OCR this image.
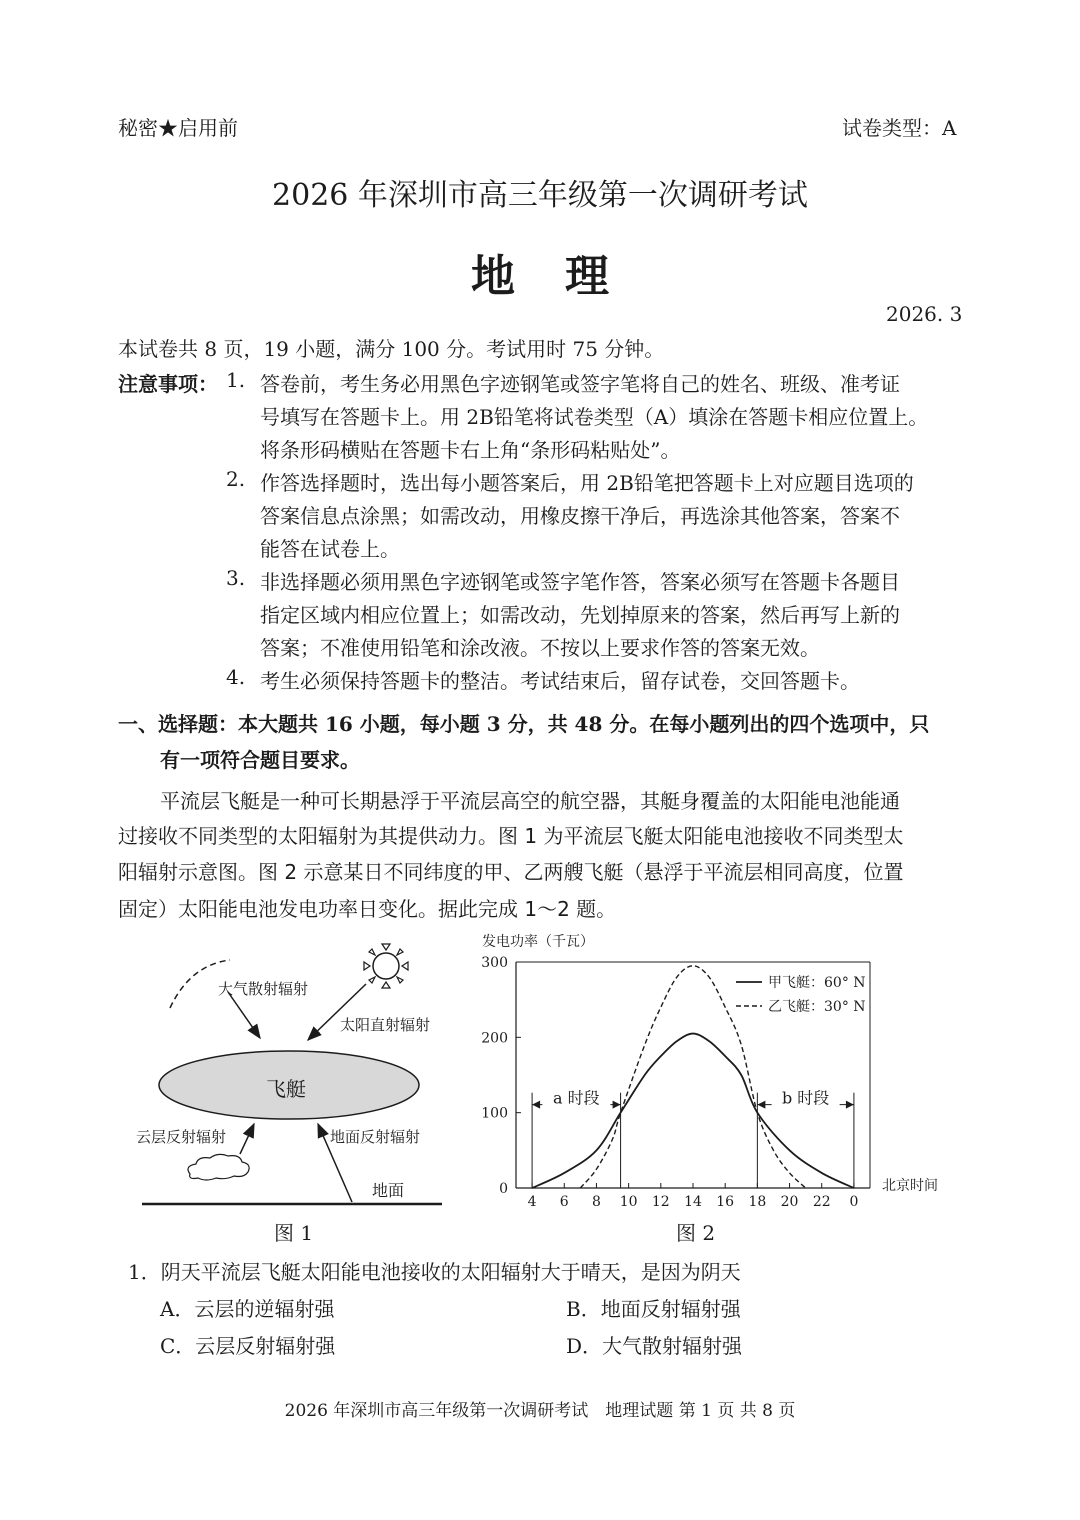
秘密★启用前	试卷类型：A
2026 年深圳市高三年级第一次调研考试
地理
2026. 3
本试卷共 8 页，19 小题，满分 100 分。考试用时 75 分钟。
注意事项： 1. 答卷前，考生务必用黑色字迹钢笔或签字笔将自己的姓名、班级、准考证
号填写在答题卡上。用 2B铅笔将试卷类型（A）填涂在答题卡相应位置上。
将条形码横贴在答题卡右上角“条形码粘贴处”。
2. 作答选择题时，选出每小题答案后，用 2B铅笔把答题卡上对应题目选项的
答案信息点涂黑；如需改动，用橡皮擦干净后，再选涂其他答案，答案不
能答在试卷上。
3. 非选择题必须用黑色字迹钢笔或签字笔作答，答案必须写在答题卡各题目
指定区域内相应位置上；如需改动，先划掉原来的答案，然后再写上新的
答案；不准使用铅笔和涂改液。不按以上要求作答的答案无效。
4. 考生必须保持答题卡的整洁。考试结束后，留存试卷，交回答题卡。
一、选择题：本大题共 16 小题，每小题 3 分，共 48 分。在每小题列出的四个选项中，只
有一项符合题目要求。
平流层飞艇是一种可长期悬浮于平流层高空的航空器，其艇身覆盖的太阳能电池能通
过接收不同类型的太阳辐射为其提供动力。图 1 为平流层飞艇太阳能电池接收不同类型太
阳辐射示意图。图 2 示意某日不同纬度的甲、乙两艘飞艇（悬浮于平流层相同高度，位置
固定）太阳能电池发电功率日变化。据此完成 1～2 题。
大气散射辐射
太阳直射辐射
飞艇
云层反射辐射	地面反射辐射
地面
图 1
发电功率（千瓦）
0
100
200
300
4 6 8 10 12 14 16 18 20 22 0
北京时间
甲飞艇：60° N
乙飞艇：30° N
a 时段	b 时段
图 2
1．阴天平流层飞艇太阳能电池接收的太阳辐射大于晴天，是因为阴天
A．云层的逆辐射强	B．地面反射辐射强
C．云层反射辐射强	D．大气散射辐射强
2026 年深圳市高三年级第一次调研考试　地理试题 第 1 页 共 8 页
